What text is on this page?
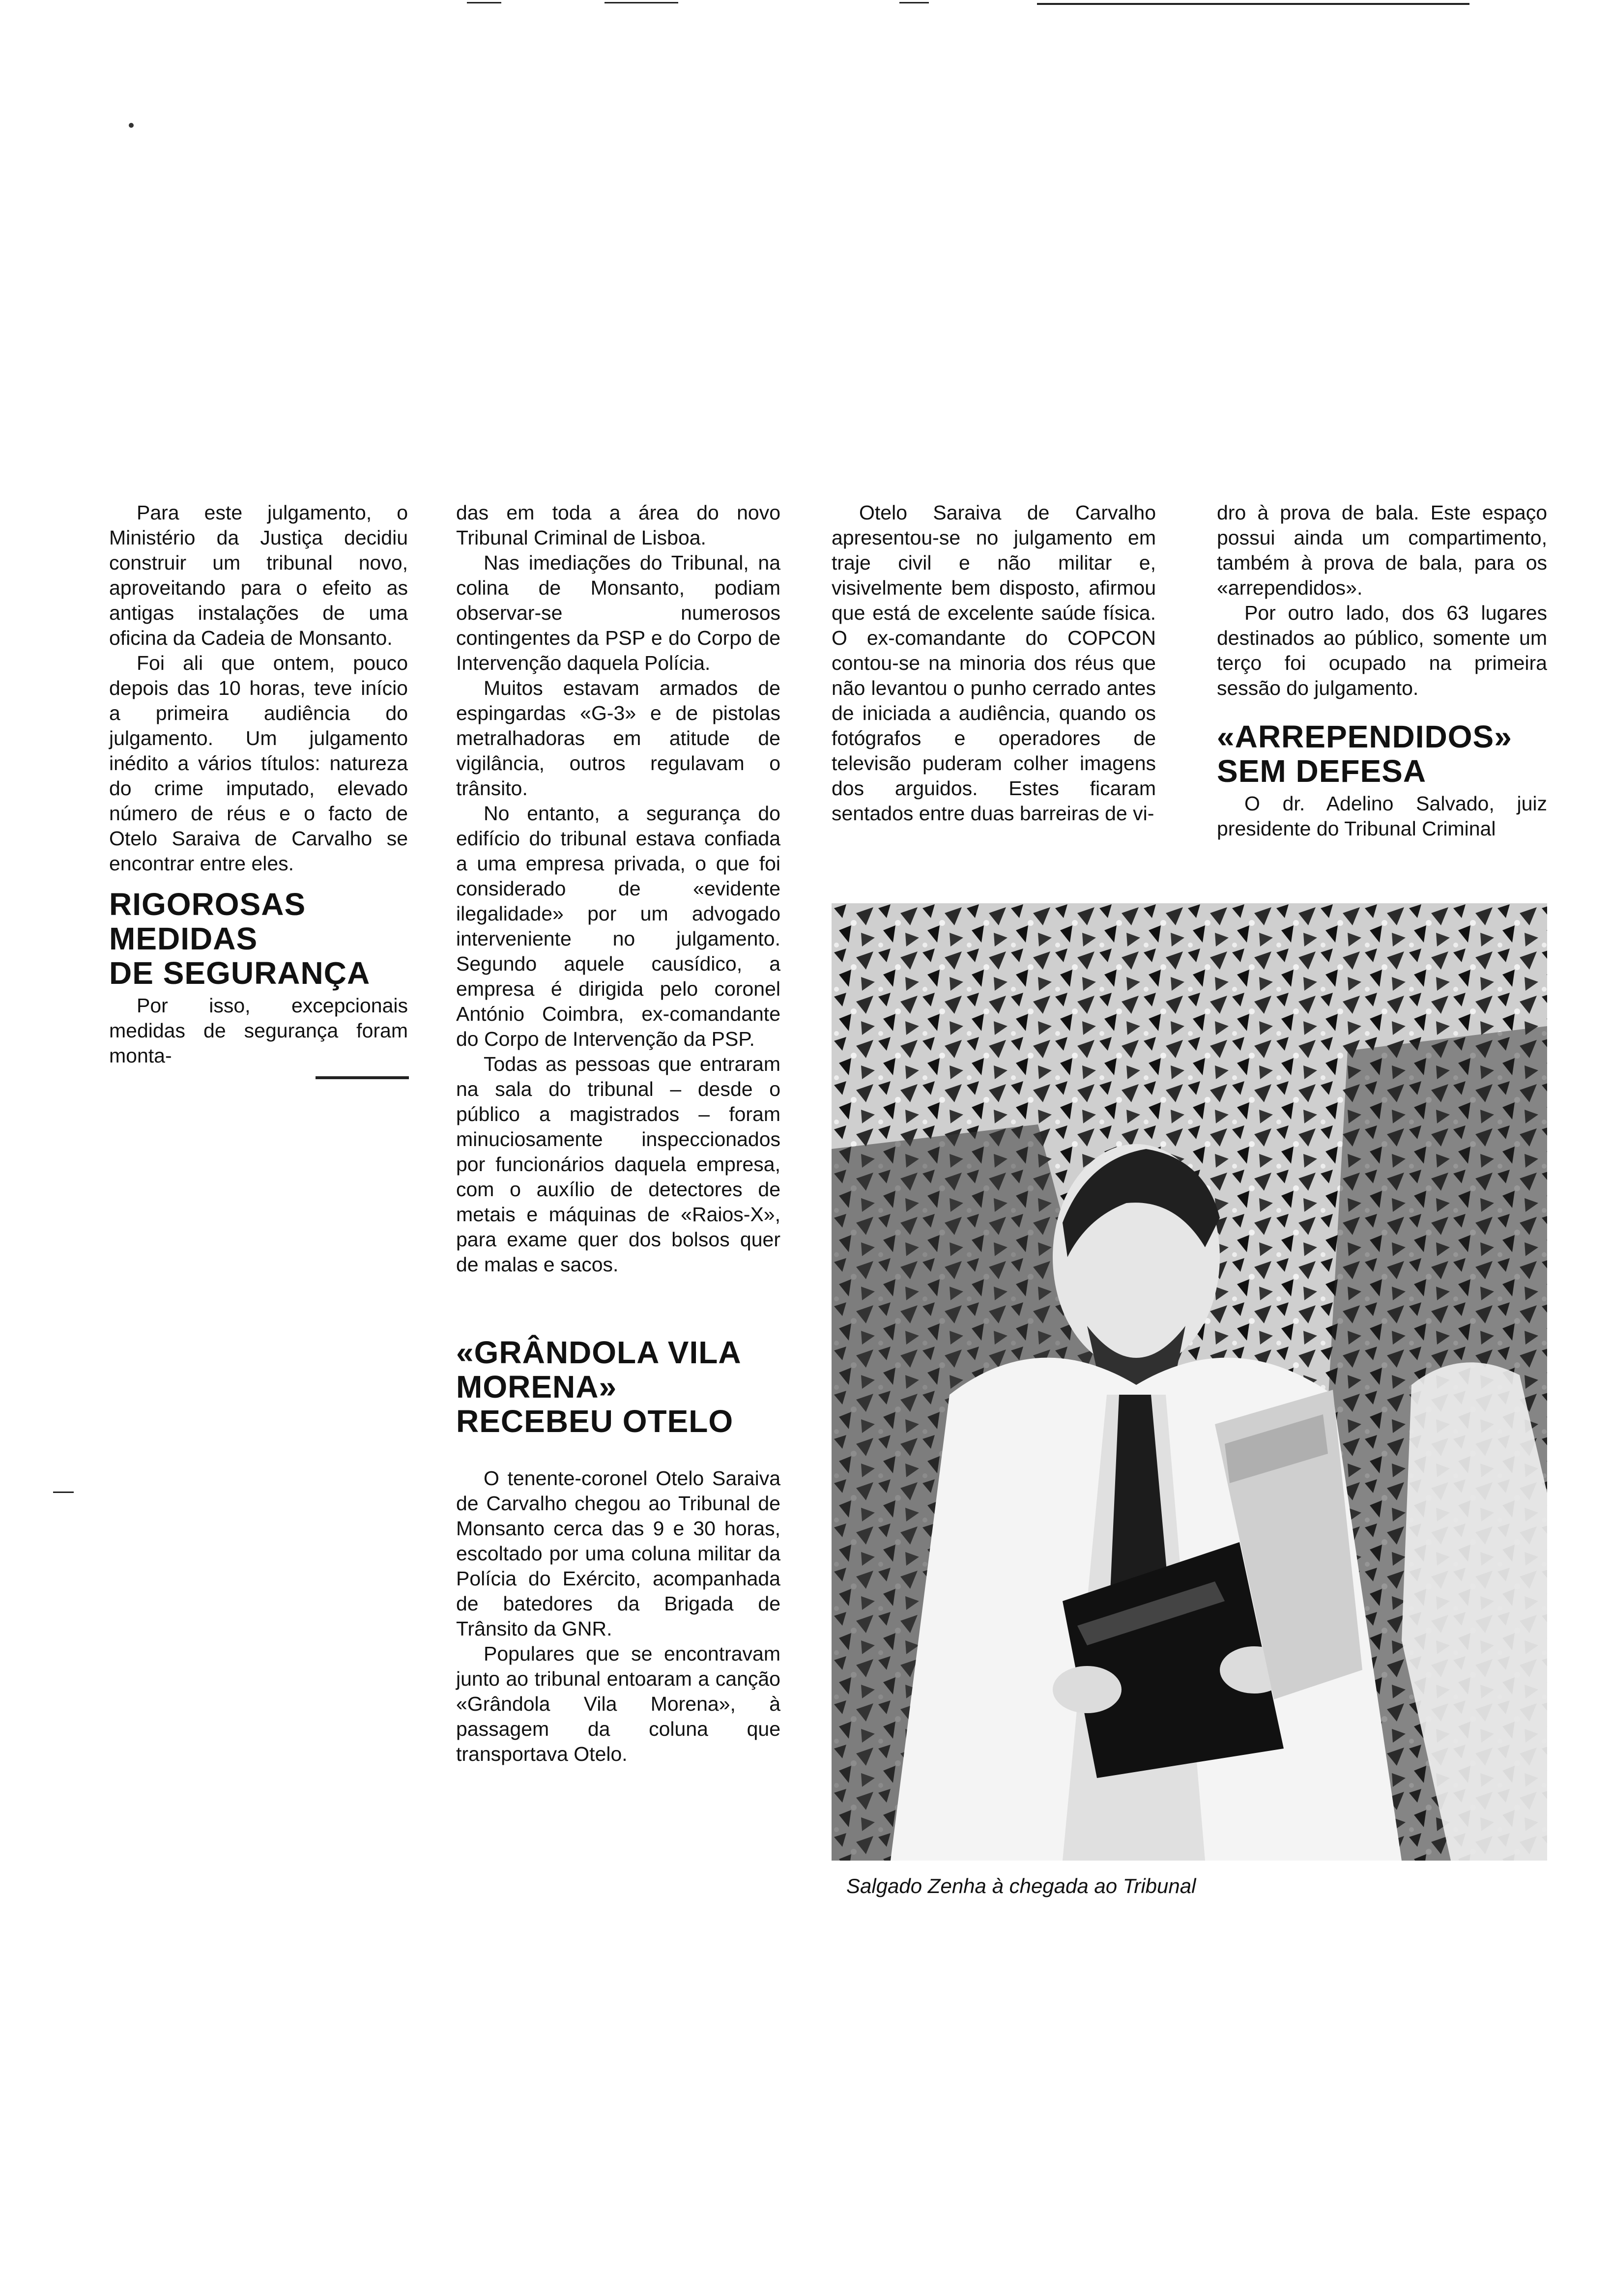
Para este julgamento, o Ministério da Justiça decidiu construir um tribunal novo, aproveitando para o efeito as antigas instalações de uma oficina da Cadeia de Monsanto.

Foi ali que ontem, pouco depois das 10 horas, teve início a primeira audiência do julgamento. Um julgamento inédito a vários títulos: natureza do crime imputado, elevado número de réus e o facto de Otelo Saraiva de Carvalho se encontrar entre eles.

RIGOROSAS
MEDIDAS
DE SEGURANÇA

Por isso, excepcionais medidas de segurança foram monta-

das em toda a área do novo Tribunal Criminal de Lisboa.

Nas imediações do Tribunal, na colina de Monsanto, podiam observar-se numerosos contingentes da PSP e do Corpo de Intervenção daquela Polícia.

Muitos estavam armados de espingardas «G-3» e de pistolas metralhadoras em atitude de vigilância, outros regulavam o trânsito.

No entanto, a segurança do edifício do tribunal estava confiada a uma empresa privada, o que foi considerado de «evidente ilegalidade» por um advogado interveniente no julgamento. Segundo aquele causídico, a empresa é dirigida pelo coronel António Coimbra, ex-comandante do Corpo de Intervenção da PSP.

Todas as pessoas que entraram na sala do tribunal – desde o público a magistrados – foram minuciosamente inspeccionados por funcionários daquela empresa, com o auxílio de detectores de metais e máquinas de «Raios-X», para exame quer dos bolsos quer de malas e sacos.

«GRÂNDOLA VILA
MORENA»
RECEBEU OTELO

O tenente-coronel Otelo Saraiva de Carvalho chegou ao Tribunal de Monsanto cerca das 9 e 30 horas, escoltado por uma coluna militar da Polícia do Exército, acompanhada de batedores da Brigada de Trânsito da GNR.

Populares que se encontravam junto ao tribunal entoaram a canção «Grândola Vila Morena», à passagem da coluna que transportava Otelo.

Otelo Saraiva de Carvalho apresentou-se no julgamento em traje civil e não militar e, visivelmente bem disposto, afirmou que está de excelente saúde física. O ex-comandante do COPCON contou-se na minoria dos réus que não levantou o punho cerrado antes de iniciada a audiência, quando os fotógrafos e operadores de televisão puderam colher imagens dos arguidos. Estes ficaram sentados entre duas barreiras de vi-

dro à prova de bala. Este espaço possui ainda um compartimento, também à prova de bala, para os «arrependidos».

Por outro lado, dos 63 lugares destinados ao público, somente um terço foi ocupado na primeira sessão do julgamento.

«ARREPENDIDOS»
SEM DEFESA

O dr. Adelino Salvado, juiz presidente do Tribunal Criminal

Salgado Zenha à chegada ao Tribunal
